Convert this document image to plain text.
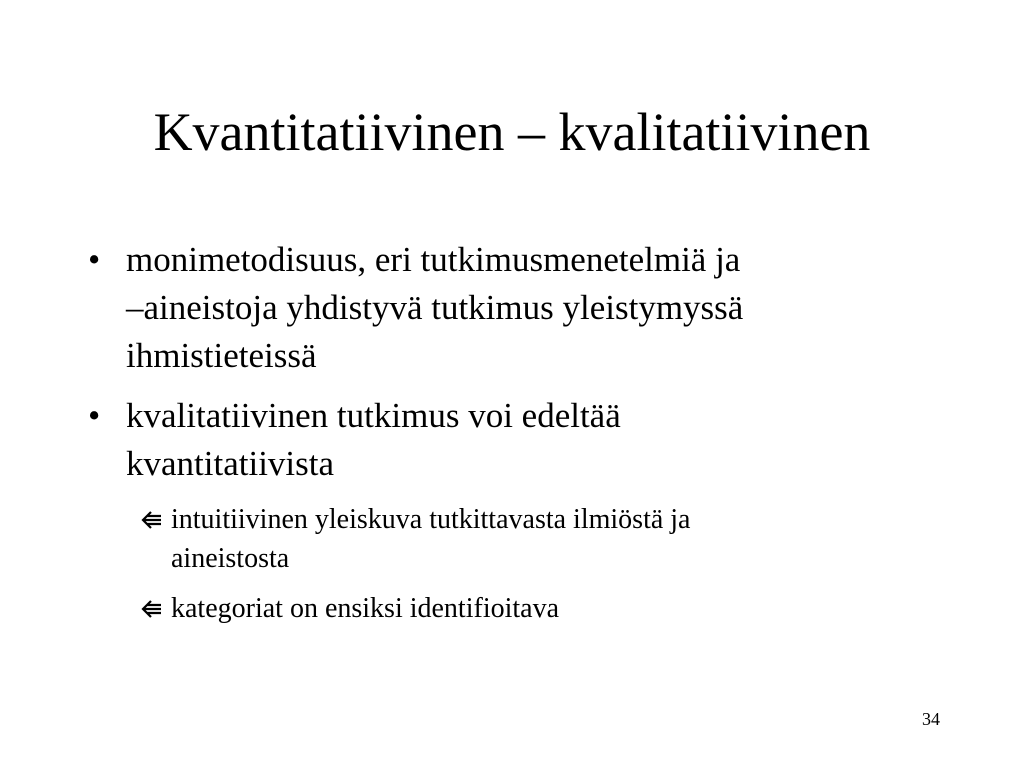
Kvantitatiivinen – kvalitatiivinen
• monimetodisuus, eri tutkimusmenetelmiä ja
–aineistoja yhdistyvä tutkimus yleistymyssä
ihmistieteissä
• kvalitatiivinen tutkimus voi edeltää
kvantitatiivista
intuitiivinen yleiskuva tutkittavasta ilmiöstä ja
aineistosta
kategoriat on ensiksi identifioitava
34
